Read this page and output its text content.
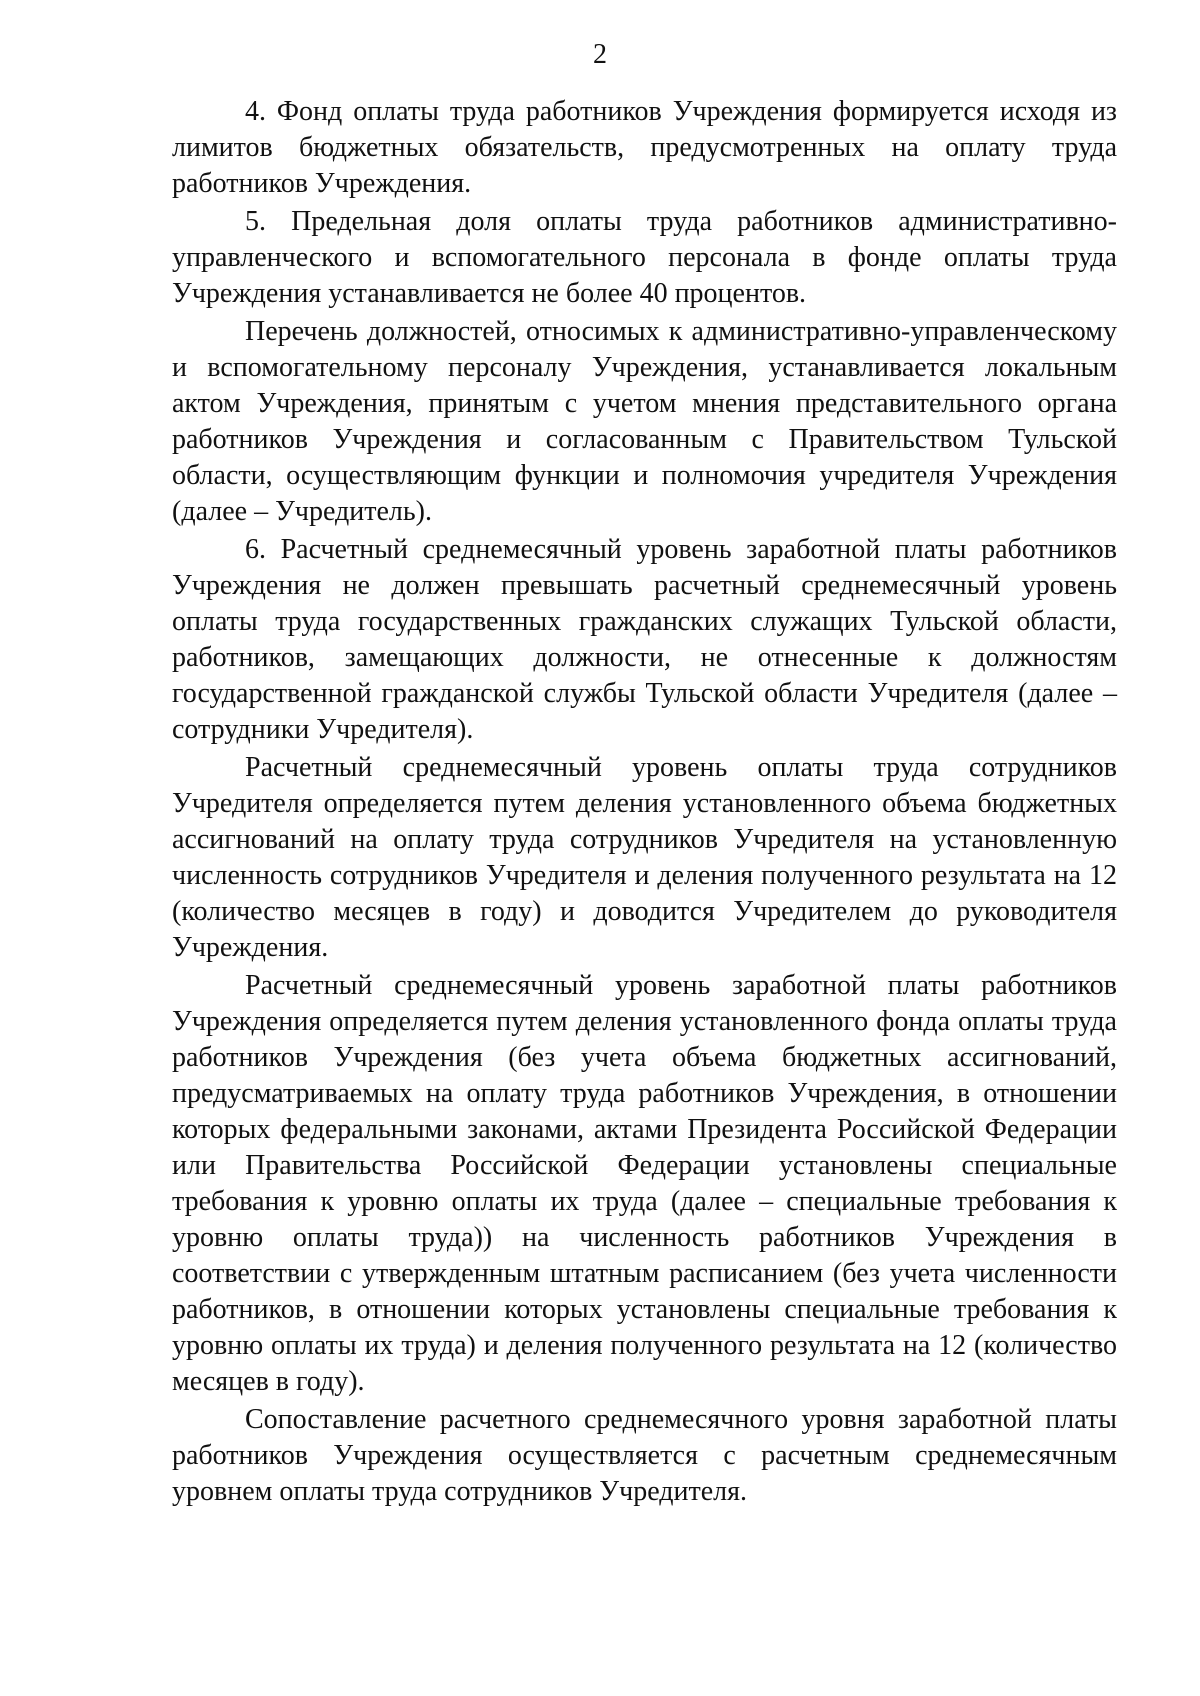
2

4. Фонд оплаты труда работников Учреждения формируется исходя из лимитов бюджетных обязательств, предусмотренных на оплату труда работников Учреждения.

5. Предельная доля оплаты труда работников административно-управленческого и вспомогательного персонала в фонде оплаты труда Учреждения устанавливается не более 40 процентов.

Перечень должностей, относимых к административно-управленческому и вспомогательному персоналу Учреждения, устанавливается локальным актом Учреждения, принятым с учетом мнения представительного органа работников Учреждения и согласованным с Правительством Тульской области, осуществляющим функции и полномочия учредителя Учреждения (далее – Учредитель).

6. Расчетный среднемесячный уровень заработной платы работников Учреждения не должен превышать расчетный среднемесячный уровень оплаты труда государственных гражданских служащих Тульской области, работников, замещающих должности, не отнесенные к должностям государственной гражданской службы Тульской области Учредителя (далее – сотрудники Учредителя).

Расчетный среднемесячный уровень оплаты труда сотрудников Учредителя определяется путем деления установленного объема бюджетных ассигнований на оплату труда сотрудников Учредителя на установленную численность сотрудников Учредителя и деления полученного результата на 12 (количество месяцев в году) и доводится Учредителем до руководителя Учреждения.

Расчетный среднемесячный уровень заработной платы работников Учреждения определяется путем деления установленного фонда оплаты труда работников Учреждения (без учета объема бюджетных ассигнований, предусматриваемых на оплату труда работников Учреждения, в отношении которых федеральными законами, актами Президента Российской Федерации или Правительства Российской Федерации установлены специальные требования к уровню оплаты их труда (далее – специальные требования к уровню оплаты труда)) на численность работников Учреждения в соответствии с утвержденным штатным расписанием (без учета численности работников, в отношении которых установлены специальные требования к уровню оплаты их труда) и деления полученного результата на 12 (количество месяцев в году).

Сопоставление расчетного среднемесячного уровня заработной платы работников Учреждения осуществляется с расчетным среднемесячным уровнем оплаты труда сотрудников Учредителя.
